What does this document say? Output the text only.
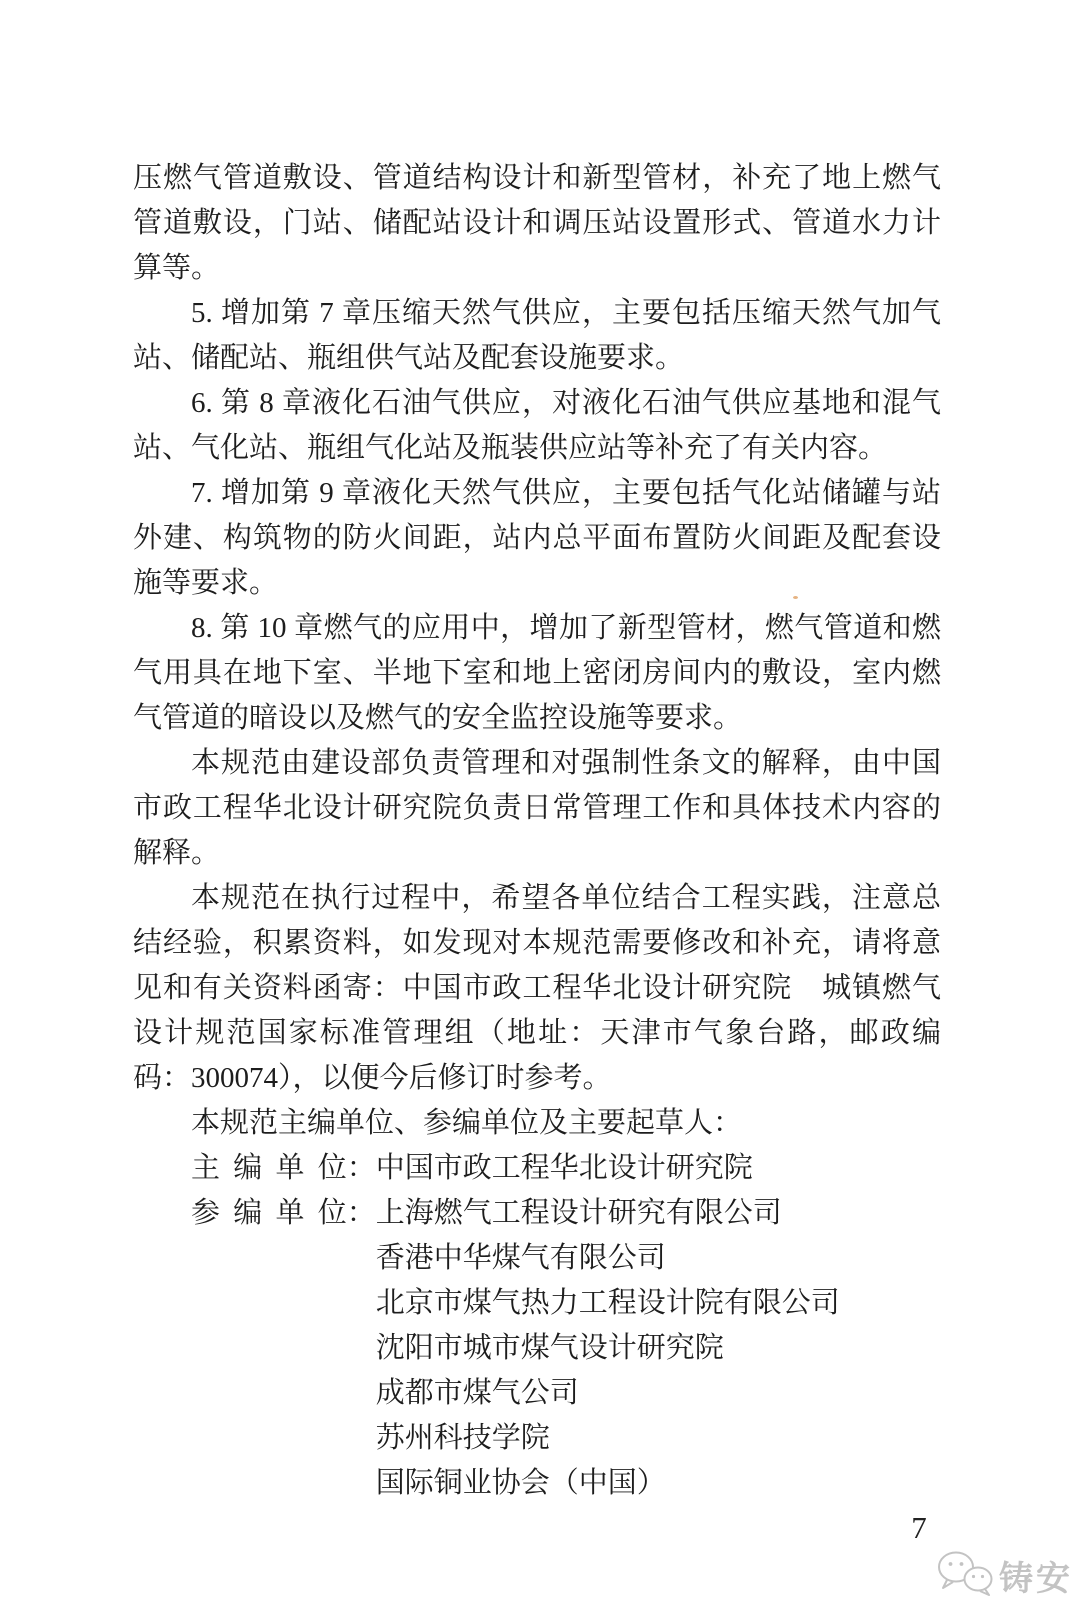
压燃气管道敷设、管道结构设计和新型管材，补充了地上燃气管道敷设，门站、储配站设计和调压站设置形式、管道水力计算等。

5. 增加第 7 章压缩天然气供应，主要包括压缩天然气加气站、储配站、瓶组供气站及配套设施要求。

6. 第 8 章液化石油气供应，对液化石油气供应基地和混气站、气化站、瓶组气化站及瓶装供应站等补充了有关内容。

7. 增加第 9 章液化天然气供应，主要包括气化站储罐与站外建、构筑物的防火间距，站内总平面布置防火间距及配套设施等要求。

8. 第 10 章燃气的应用中，增加了新型管材，燃气管道和燃气用具在地下室、半地下室和地上密闭房间内的敷设，室内燃气管道的暗设以及燃气的安全监控设施等要求。

本规范由建设部负责管理和对强制性条文的解释，由中国市政工程华北设计研究院负责日常管理工作和具体技术内容的解释。

本规范在执行过程中，希望各单位结合工程实践，注意总结经验，积累资料，如发现对本规范需要修改和补充，请将意见和有关资料函寄：中国市政工程华北设计研究院　城镇燃气设计规范国家标准管理组（地址：天津市气象台路，邮政编码：300074），以便今后修订时参考。

本规范主编单位、参编单位及主要起草人：

主 编 单 位： 中国市政工程华北设计研究院
参 编 单 位： 上海燃气工程设计研究有限公司
香港中华煤气有限公司
北京市煤气热力工程设计院有限公司
沈阳市城市煤气设计研究院
成都市煤气公司
苏州科技学院
国际铜业协会（中国）
7
铸安
